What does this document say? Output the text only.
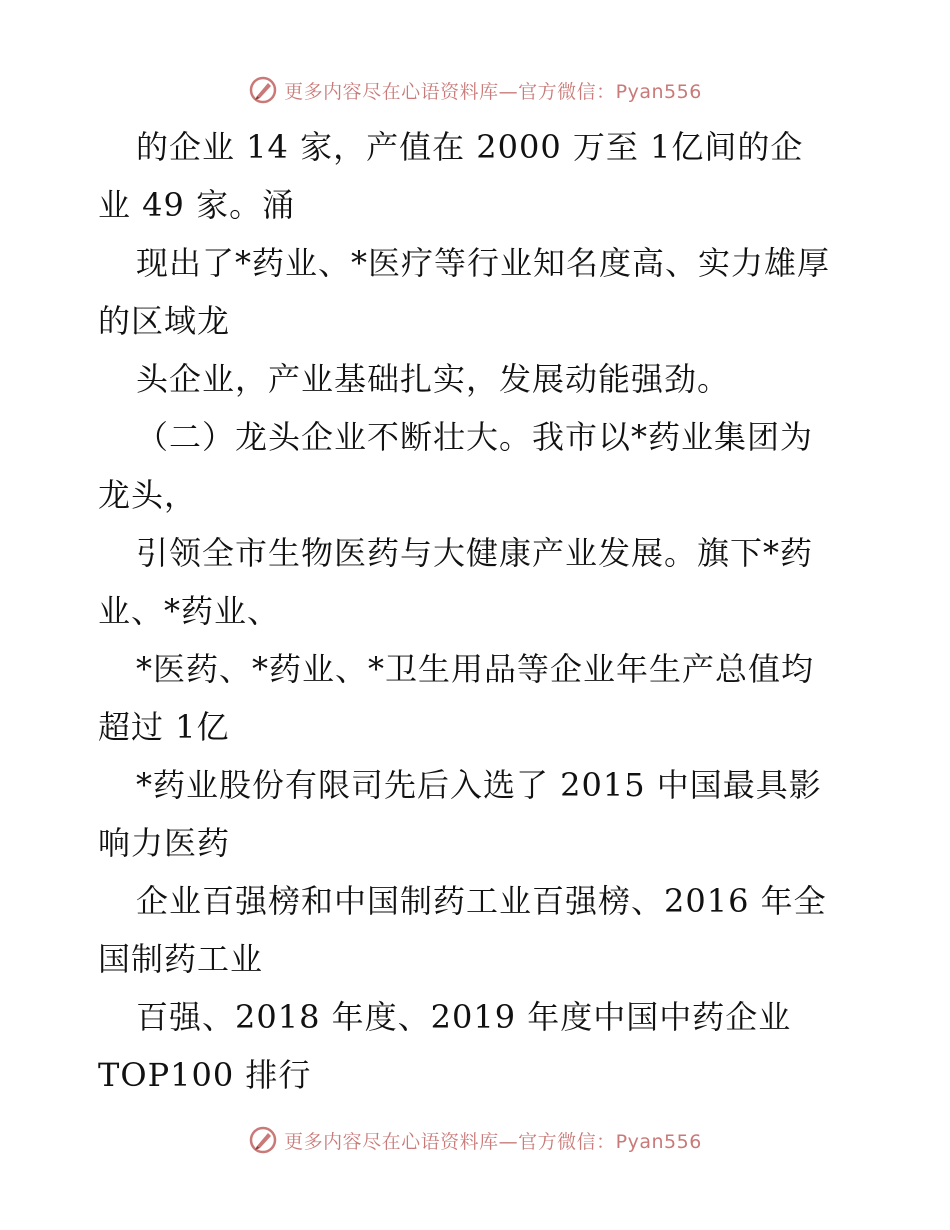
更多内容尽在心语资料库—官方微信：Pyan556
的企业 14 家，产值在 2000 万至 1亿间的企
业 49 家。涌
现出了*药业、*医疗等行业知名度高、实力雄厚
的区域龙
头企业，产业基础扎实，发展动能强劲。
（二）龙头企业不断壮大。我市以*药业集团为
龙头，
引领全市生物医药与大健康产业发展。旗下*药
业、*药业、
*医药、*药业、*卫生用品等企业年生产总值均
超过 1亿
*药业股份有限司先后入选了 2015 中国最具影
响力医药
企业百强榜和中国制药工业百强榜、2016 年全
国制药工业
百强、2018 年度、2019 年度中国中药企业
TOP100 排行
更多内容尽在心语资料库—官方微信：Pyan556
